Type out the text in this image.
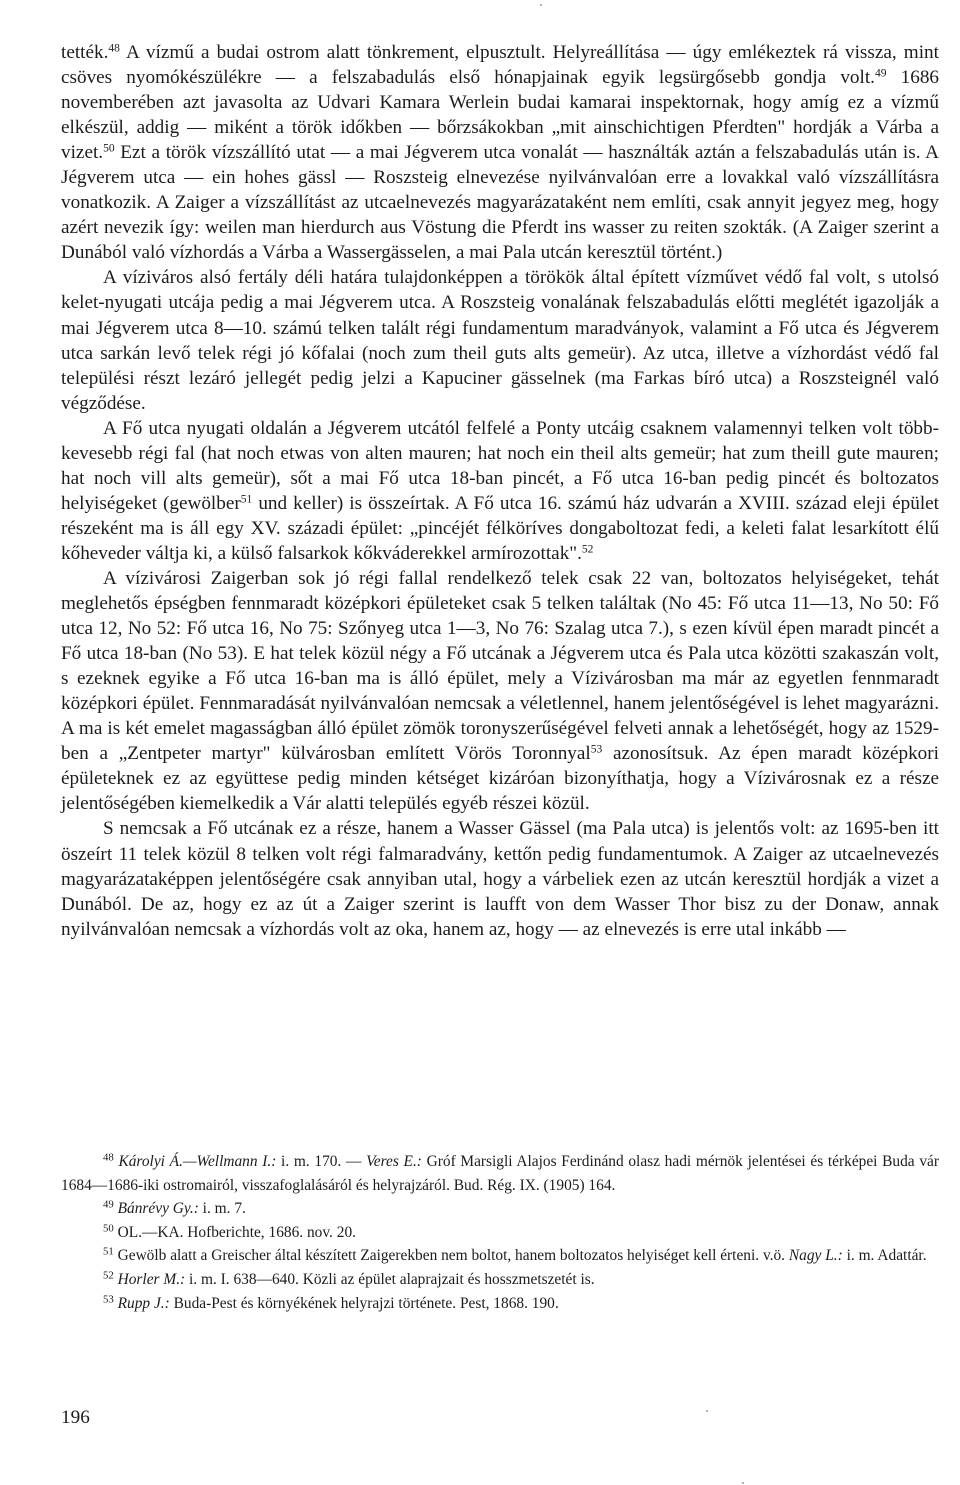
tették.$^{48}$ A vízmű a budai ostrom alatt tönkrement, elpusztult. Helyreállítása — úgy emlékeztek rá vissza, mint csöves nyomókészülékre — a felszabadulás első hónapjainak egyik legsürgősebb gondja volt.$^{49}$ 1686 novemberében azt javasolta az Udvari Kamara Werlein budai kamarai inspektornak, hogy amíg ez a vízmű elkészül, addig — miként a török időkben — bőrzsákokban „mit ainschichtigen Pferdten" hordják a Várba a vizet.$^{50}$ Ezt a török vízszállító utat — a mai Jégverem utca vonalát — használták aztán a felszabadulás után is. A Jégverem utca — ein hohes gässl — Roszsteig elnevezése nyilvánvalóan erre a lovakkal való vízszállításra vonatkozik. A Zaiger a vízszállítást az utcaelnevezés magyarázataként nem említi, csak annyit jegyez meg, hogy azért nevezik így: weilen man hierdurch aus Vöstung die Pferdt ins wasser zu reiten szokták. (A Zaiger szerint a Dunából való vízhordás a Várba a Wassergässelen, a mai Pala utcán keresztül történt.)

A víziváros alsó fertály déli határa tulajdonképpen a törökök által épített vízművet védő fal volt, s utolsó kelet-nyugati utcája pedig a mai Jégverem utca. A Roszsteig vonalának felszabadulás előtti meglétét igazolják a mai Jégverem utca 8—10. számú telken talált régi fundamentum maradványok, valamint a Fő utca és Jégverem utca sarkán levő telek régi jó kőfalai (noch zum theil guts alts gemeür). Az utca, illetve a vízhordást védő fal települési részt lezáró jellegét pedig jelzi a Kapuciner gässelnek (ma Farkas bíró utca) a Roszsteignél való végződése.

A Fő utca nyugati oldalán a Jégverem utcától felfelé a Ponty utcáig csaknem valamennyi telken volt több-kevesebb régi fal (hat noch etwas von alten mauren; hat noch ein theil alts gemeür; hat zum theill gute mauren; hat noch vill alts gemeür), sőt a mai Fő utca 18-ban pincét, a Fő utca 16-ban pedig pincét és boltozatos helyiségeket (gewölber$^{51}$ und keller) is összeírtak. A Fő utca 16. számú ház udvarán a XVIII. század eleji épület részeként ma is áll egy XV. századi épület: „pincéjét félköríves dongaboltozat fedi, a keleti falat lesarkított élű kőheveder váltja ki, a külső falsarkok kőkváderekkel armírozottak".$^{52}$

A vízivárosi Zaigerban sok jó régi fallal rendelkező telek csak 22 van, boltozatos helyiségeket, tehát meglehetős épségben fennmaradt középkori épületeket csak 5 telken találtak (No 45: Fő utca 11—13, No 50: Fő utca 12, No 52: Fő utca 16, No 75: Szőnyeg utca 1—3, No 76: Szalag utca 7.), s ezen kívül épen maradt pincét a Fő utca 18-ban (No 53). E hat telek közül négy a Fő utcának a Jégverem utca és Pala utca közötti szakaszán volt, s ezeknek egyike a Fő utca 16-ban ma is álló épület, mely a Vízivárosban ma már az egyetlen fennmaradt középkori épület. Fennmaradását nyilvánvalóan nemcsak a véletlennel, hanem jelentőségével is lehet magyarázni. A ma is két emelet magasságban álló épület zömök toronyszerűségével felveti annak a lehetőségét, hogy az 1529-ben a „Zentpeter martyr" külvárosban említett Vörös Toronnyal$^{53}$ azonosítsuk. Az épen maradt középkori épületeknek ez az együttese pedig minden kétséget kizáróan bizonyíthatja, hogy a Vízivárosnak ez a része jelentőségében kiemelkedik a Vár alatti település egyéb részei közül.

S nemcsak a Fő utcának ez a része, hanem a Wasser Gässel (ma Pala utca) is jelentős volt: az 1695-ben itt öszeírt 11 telek közül 8 telken volt régi falmaradvány, kettőn pedig fundamentumok. A Zaiger az utcaelnevezés magyarázataképpen jelentőségére csak annyiban utal, hogy a várbeliek ezen az utcán keresztül hordják a vizet a Dunából. De az, hogy ez az út a Zaiger szerint is laufft von dem Wasser Thor bisz zu der Donaw, annak nyilvánvalóan nemcsak a vízhordás volt az oka, hanem az, hogy — az elnevezés is erre utal inkább —

$^{48}$ Károlyi Á.—Wellmann I.: i. m. 170. — Veres E.: Gróf Marsigli Alajos Ferdinánd olasz hadi mérnök jelentései és térképei Buda vár 1684—1686-iki ostromairól, visszafoglalásáról és helyrajzáról. Bud. Rég. IX. (1905) 164.

$^{49}$ Bánrévy Gy.: i. m. 7.

$^{50}$ OL.—KA. Hofberichte, 1686. nov. 20.

$^{51}$ Gewölb alatt a Greischer által készített Zaigerekben nem boltot, hanem boltozatos helyiséget kell érteni. v.ö. Nagy L.: i. m. Adattár.

$^{52}$ Horler M.: i. m. I. 638—640. Közli az épület alaprajzait és hosszmetszetét is.

$^{53}$ Rupp J.: Buda-Pest és környékének helyrajzi története. Pest, 1868. 190.

196
